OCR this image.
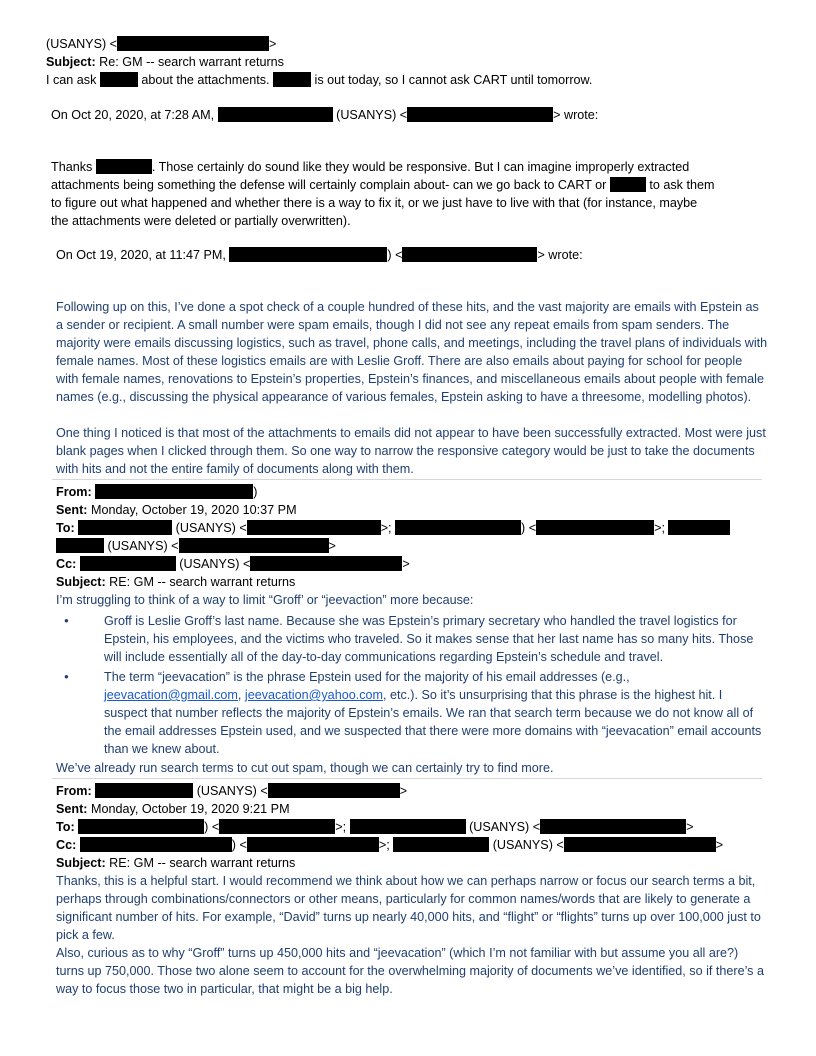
(USANYS) <	>
Subject: Re: GM -- search warrant returns
I can ask	about the attachments.	is out today, so I cannot ask CART until tomorrow.
On Oct 20, 2020, at 7:28 AM,	(USANYS) <	> wrote:
Thanks	. Those certainly do sound like they would be responsive. But I can imagine improperly extracted
attachments being something the defense will certainly complain about- can we go back to CART or	to ask them
to figure out what happened and whether there is a way to fix it, or we just have to live with that (for instance, maybe
the attachments were deleted or partially overwritten).
On Oct 19, 2020, at 11:47 PM,	) <	> wrote:
Following up on this, I’ve done a spot check of a couple hundred of these hits, and the vast majority are emails with Epstein as a sender or recipient. A small number were spam emails, though I did not see any repeat emails from spam senders. The majority were emails discussing logistics, such as travel, phone calls, and meetings, including the travel plans of individuals with female names. Most of these logistics emails are with Leslie Groff. There are also emails about paying for school for people with female names, renovations to Epstein’s properties, Epstein’s finances, and miscellaneous emails about people with female names (e.g., discussing the physical appearance of various females, Epstein asking to have a threesome, modelling photos).
One thing I noticed is that most of the attachments to emails did not appear to have been successfully extracted. Most were just blank pages when I clicked through them. So one way to narrow the responsive category would be just to take the documents with hits and not the entire family of documents along with them.
From:	)
Sent: Monday, October 19, 2020 10:37 PM
To:	(USANYS) <	>;	) <	>;
(USANYS) <	>
Cc:	(USANYS) <	>
Subject: RE: GM -- search warrant returns
I’m struggling to think of a way to limit “Groff’ or “jeevaction” more because:
● Groff is Leslie Groff’s last name. Because she was Epstein’s primary secretary who handled the travel logistics for Epstein, his employees, and the victims who traveled. So it makes sense that her last name has so many hits. Those will include essentially all of the day-to-day communications regarding Epstein’s schedule and travel.
● The term “jeevacation” is the phrase Epstein used for the majority of his email addresses (e.g., jeevacation@gmail.com, jeevacation@yahoo.com, etc.). So it’s unsurprising that this phrase is the highest hit. I suspect that number reflects the majority of Epstein’s emails. We ran that search term because we do not know all of the email addresses Epstein used, and we suspected that there were more domains with “jeevacation” email accounts than we knew about.
We’ve already run search terms to cut out spam, though we can certainly try to find more.
From:	(USANYS) <	>
Sent: Monday, October 19, 2020 9:21 PM
To:	) <	>;	(USANYS) <	>
Cc:	) <	>;	(USANYS) <	>
Subject: RE: GM -- search warrant returns
Thanks, this is a helpful start. I would recommend we think about how we can perhaps narrow or focus our search terms a bit, perhaps through combinations/connectors or other means, particularly for common names/words that are likely to generate a significant number of hits. For example, “David” turns up nearly 40,000 hits, and “flight” or “flights” turns up over 100,000 just to pick a few.
Also, curious as to why “Groff” turns up 450,000 hits and “jeevacation” (which I’m not familiar with but assume you all are?) turns up 750,000. Those two alone seem to account for the overwhelming majority of documents we’ve identified, so if there’s a way to focus those two in particular, that might be a big help.
